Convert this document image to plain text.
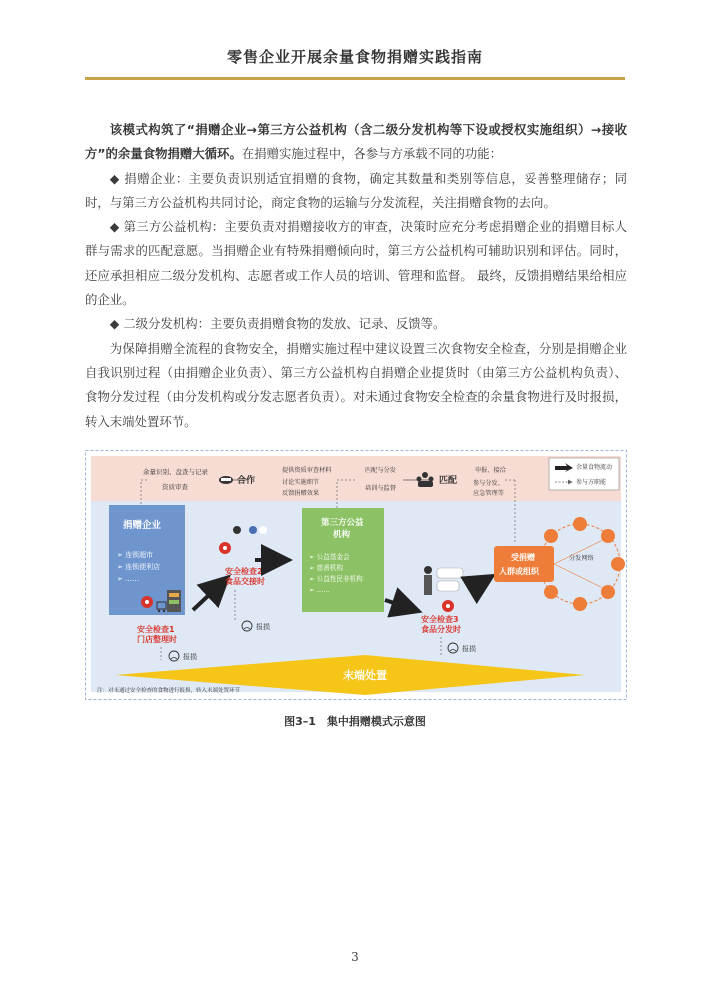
零售企业开展余量食物捐赠实践指南

该模式构筑了“捐赠企业→第三方公益机构（含二级分发机构等下设或授权实施组织）→接收方”的余量食物捐赠大循环。在捐赠实施过程中，各参与方承载不同的功能：

◆ 捐赠企业：主要负责识别适宜捐赠的食物，确定其数量和类别等信息，妥善整理储存；同时，与第三方公益机构共同讨论，商定食物的运输与分发流程，关注捐赠食物的去向。

◆ 第三方公益机构：主要负责对捐赠接收方的审查，决策时应充分考虑捐赠企业的捐赠目标人群与需求的匹配意愿。当捐赠企业有特殊捐赠倾向时，第三方公益机构可辅助识别和评估。同时，还应承担相应二级分发机构、志愿者或工作人员的培训、管理和监督。 最终，反馈捐赠结果给相应的企业。

◆ 二级分发机构：主要负责捐赠食物的发放、记录、反馈等。

为保障捐赠全流程的食物安全，捐赠实施过程中建议设置三次食物安全检查，分别是捐赠企业自我识别过程（由捐赠企业负责）、第三方公益机构自捐赠企业提货时（由第三方公益机构负责）、食物分发过程（由分发机构或分发志愿者负责）。对未通过食物安全检查的余量食物进行及时报损，转入末端处置环节。

余量识别、盘查与记录
资质审查
合作
提供资质审查材料
讨论实施细节
反馈捐赠效果
匹配与分发
培训与监督
匹配
申报、接洽
参与分发、
应急管理等
余量食物流动
参与方职能
捐赠企业
➢ 连锁超市
➢ 连锁便利店
➢ ……
安全检查1
门店整理时
报损
安全检查2
食品交接时
报损
第三方公益
机构
➢ 公益基金会
➢ 慈善机构
➢ 公益性民非机构
➢ ……
安全检查3
食品分发时
报损
受捐赠
人群或组织
分发网络
末端处置
注：对未通过安全检查的食物进行报损，转入末端处置环节
图3–1　集中捐赠模式示意图
3
